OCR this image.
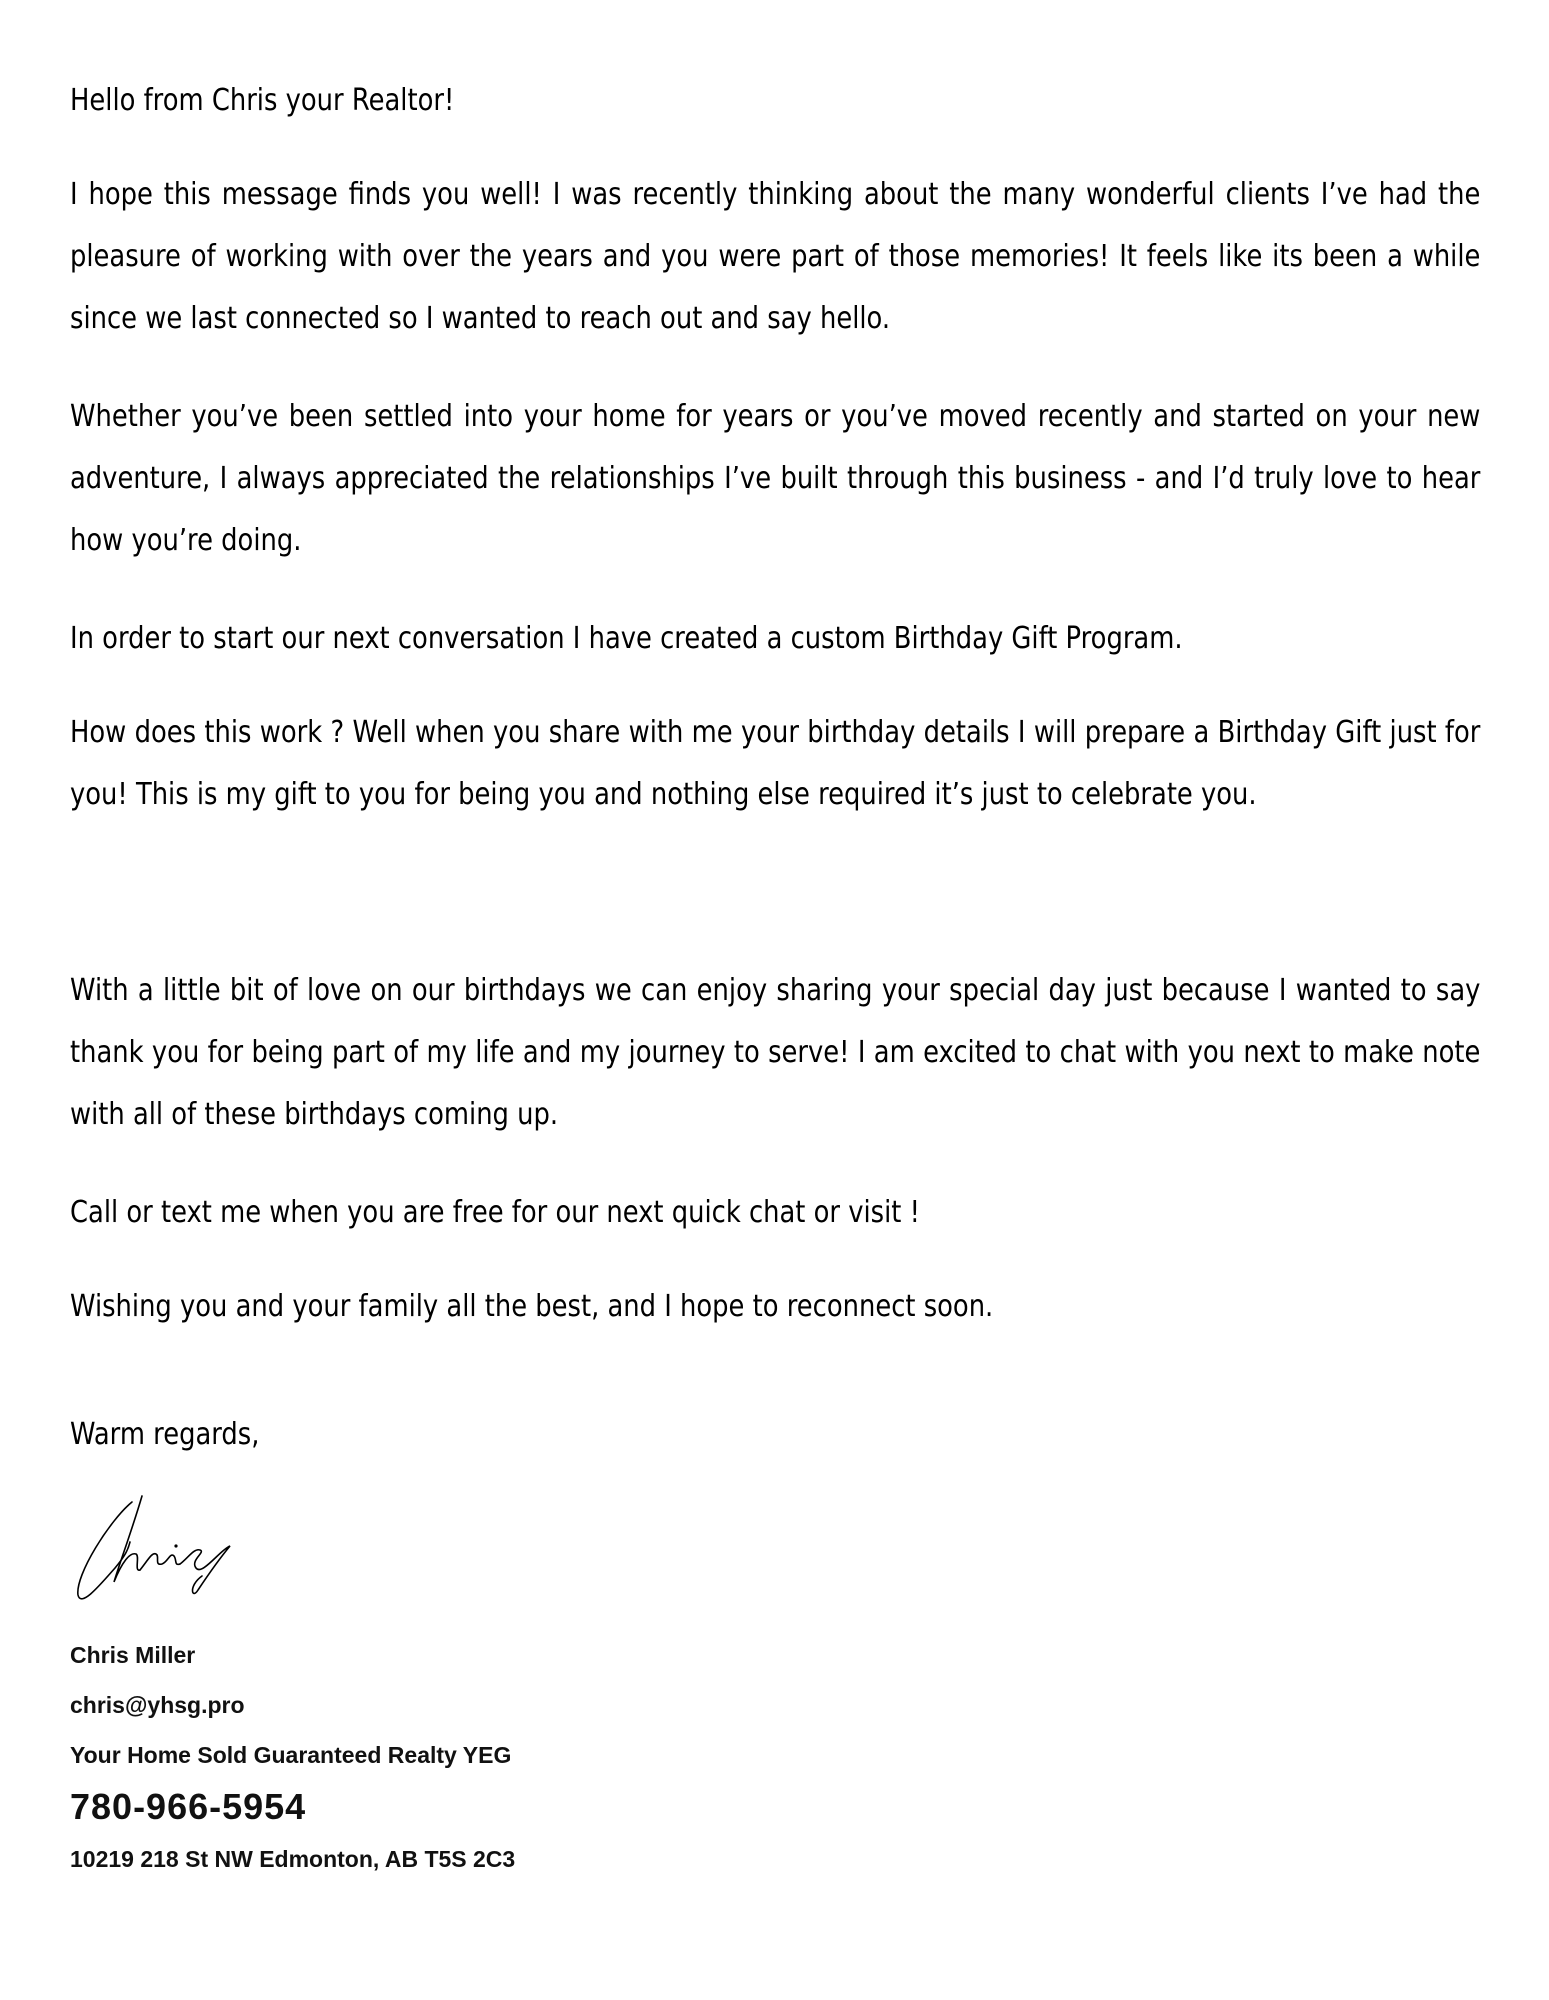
Hello from Chris your Realtor!

I hope this message finds you well! I was recently thinking about the many wonderful clients I’ve had the pleasure of working with over the years and you were part of those memories! It feels like its been a while since we last connected so I wanted to reach out and say hello.

Whether you’ve been settled into your home for years or you’ve moved recently and started on your new adventure, I always appreciated the relationships I’ve built through this business - and I’d truly love to hear how you’re doing.

In order to start our next conversation I have created a custom Birthday Gift Program.

How does this work ? Well when you share with me your birthday details I will prepare a Birthday Gift just for you! This is my gift to you for being you and nothing else required it’s just to celebrate you.

With a little bit of love on our birthdays we can enjoy sharing your special day just because I wanted to say thank you for being part of my life and my journey to serve! I am excited to chat with you next to make note with all of these birthdays coming up.

Call or text me when you are free for our next quick chat or visit !

Wishing you and your family all the best, and I hope to reconnect soon.

Warm regards,

Chris Miller
chris@yhsg.pro
Your Home Sold Guaranteed Realty YEG
780-966-5954
10219 218 St NW Edmonton, AB T5S 2C3
